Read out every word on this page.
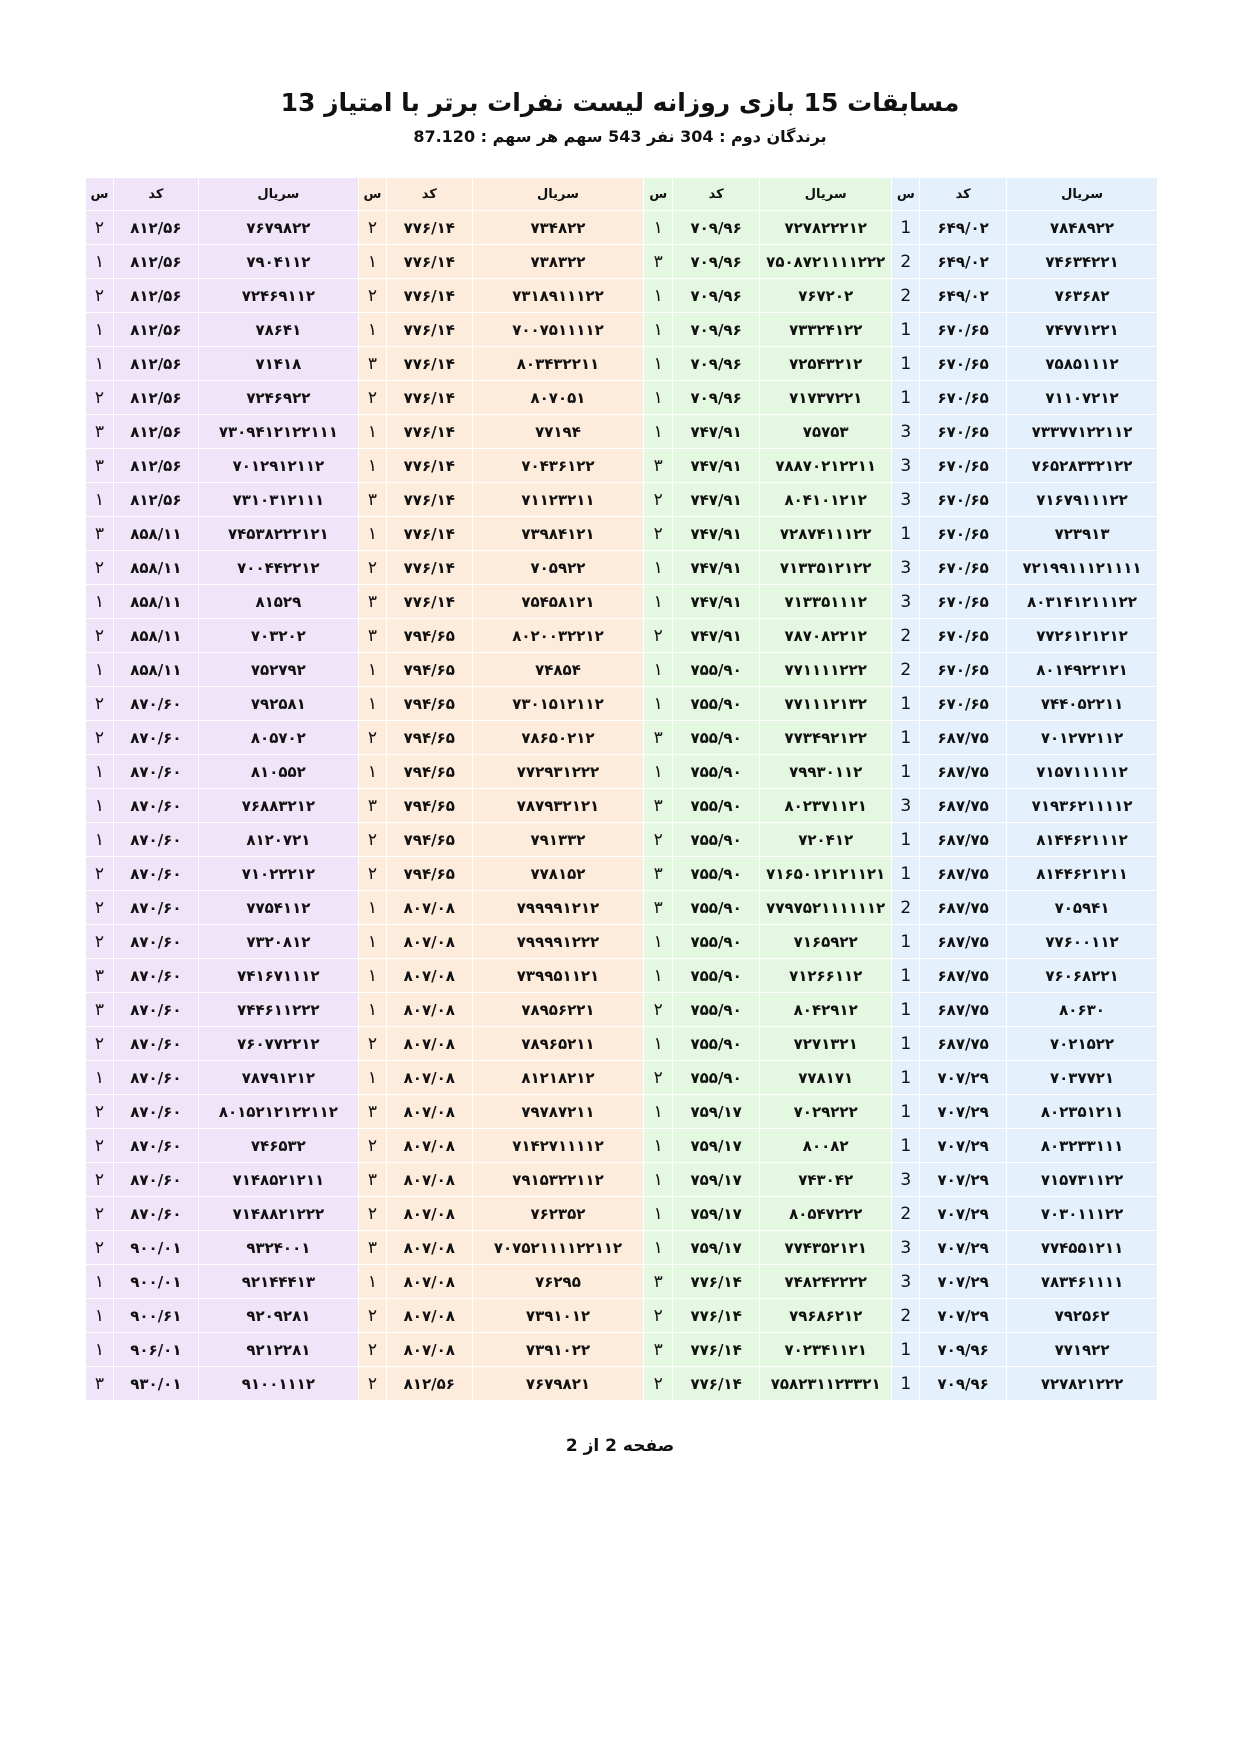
مسابقات 15 بازی روزانه لیست نفرات برتر با امتیاز 13
برندگان دوم : 304 نفر 543 سهم هر سهم : 87.120
سریال	کد	س	سریال	کد	س	سریال	کد	س	سریال	کد	س
۷۸۴۸۹۲۲	۶۴۹/۰۲	1	۷۲۷۸۲۲۲۱۲	۷۰۹/۹۶	۱	۷۳۴۸۲۲	۷۷۶/۱۴	۲	۷۶۷۹۸۲۲	۸۱۲/۵۶	۲
۷۴۶۳۴۲۲۱	۶۴۹/۰۲	2	۷۵۰۸۷۲۱۱۱۱۲۲۲	۷۰۹/۹۶	۳	۷۳۸۳۲۲	۷۷۶/۱۴	۱	۷۹۰۴۱۱۲	۸۱۲/۵۶	۱
۷۶۳۶۸۲	۶۴۹/۰۲	2	۷۶۷۲۰۲	۷۰۹/۹۶	۱	۷۳۱۸۹۱۱۱۲۲	۷۷۶/۱۴	۲	۷۲۴۶۹۱۱۲	۸۱۲/۵۶	۲
۷۴۷۷۱۲۲۱	۶۷۰/۶۵	1	۷۳۳۲۴۱۲۲	۷۰۹/۹۶	۱	۷۰۰۷۵۱۱۱۱۲	۷۷۶/۱۴	۱	۷۸۶۴۱	۸۱۲/۵۶	۱
۷۵۸۵۱۱۱۲	۶۷۰/۶۵	1	۷۲۵۴۳۲۱۲	۷۰۹/۹۶	۱	۸۰۳۴۳۲۲۱۱	۷۷۶/۱۴	۳	۷۱۴۱۸	۸۱۲/۵۶	۱
۷۱۱۰۷۲۱۲	۶۷۰/۶۵	1	۷۱۷۳۷۲۲۱	۷۰۹/۹۶	۱	۸۰۷۰۵۱	۷۷۶/۱۴	۲	۷۲۴۶۹۲۲	۸۱۲/۵۶	۲
۷۳۳۷۷۱۲۲۱۱۲	۶۷۰/۶۵	3	۷۵۷۵۳	۷۴۷/۹۱	۱	۷۷۱۹۴	۷۷۶/۱۴	۱	۷۳۰۹۴۱۲۱۲۲۱۱۱	۸۱۲/۵۶	۳
۷۶۵۲۸۳۳۲۱۲۲	۶۷۰/۶۵	3	۷۸۸۷۰۲۱۲۲۱۱	۷۴۷/۹۱	۳	۷۰۴۳۶۱۲۲	۷۷۶/۱۴	۱	۷۰۱۲۹۱۲۱۱۲	۸۱۲/۵۶	۳
۷۱۶۷۹۱۱۱۲۲	۶۷۰/۶۵	3	۸۰۴۱۰۱۲۱۲	۷۴۷/۹۱	۲	۷۱۱۲۳۲۱۱	۷۷۶/۱۴	۳	۷۳۱۰۳۱۲۱۱۱	۸۱۲/۵۶	۱
۷۲۳۹۱۳	۶۷۰/۶۵	1	۷۲۸۷۴۱۱۱۲۲	۷۴۷/۹۱	۲	۷۳۹۸۴۱۲۱	۷۷۶/۱۴	۱	۷۴۵۳۸۲۲۲۱۲۱	۸۵۸/۱۱	۳
۷۲۱۹۹۱۱۱۲۱۱۱۱	۶۷۰/۶۵	3	۷۱۳۳۵۱۲۱۲۲	۷۴۷/۹۱	۱	۷۰۵۹۲۲	۷۷۶/۱۴	۲	۷۰۰۴۴۲۲۱۲	۸۵۸/۱۱	۲
۸۰۳۱۴۱۲۱۱۱۲۲	۶۷۰/۶۵	3	۷۱۳۳۵۱۱۱۲	۷۴۷/۹۱	۱	۷۵۴۵۸۱۲۱	۷۷۶/۱۴	۳	۸۱۵۲۹	۸۵۸/۱۱	۱
۷۷۲۶۱۲۱۲۱۲	۶۷۰/۶۵	2	۷۸۷۰۸۲۲۱۲	۷۴۷/۹۱	۲	۸۰۲۰۰۳۲۲۱۲	۷۹۴/۶۵	۳	۷۰۳۲۰۲	۸۵۸/۱۱	۲
۸۰۱۴۹۲۲۱۲۱	۶۷۰/۶۵	2	۷۷۱۱۱۱۲۲۲	۷۵۵/۹۰	۱	۷۴۸۵۴	۷۹۴/۶۵	۱	۷۵۲۷۹۲	۸۵۸/۱۱	۱
۷۴۴۰۵۲۲۱۱	۶۷۰/۶۵	1	۷۷۱۱۱۲۱۳۲	۷۵۵/۹۰	۱	۷۳۰۱۵۱۲۱۱۲	۷۹۴/۶۵	۱	۷۹۲۵۸۱	۸۷۰/۶۰	۲
۷۰۱۲۷۲۱۱۲	۶۸۷/۷۵	1	۷۷۳۴۹۲۱۲۲	۷۵۵/۹۰	۳	۷۸۶۵۰۲۱۲	۷۹۴/۶۵	۲	۸۰۵۷۰۲	۸۷۰/۶۰	۲
۷۱۵۷۱۱۱۱۱۲	۶۸۷/۷۵	1	۷۹۹۳۰۱۱۲	۷۵۵/۹۰	۱	۷۷۲۹۳۱۲۲۲	۷۹۴/۶۵	۱	۸۱۰۵۵۲	۸۷۰/۶۰	۱
۷۱۹۳۶۲۱۱۱۱۲	۶۸۷/۷۵	3	۸۰۲۳۷۱۱۲۱	۷۵۵/۹۰	۳	۷۸۷۹۳۲۱۲۱	۷۹۴/۶۵	۳	۷۶۸۸۳۲۱۲	۸۷۰/۶۰	۱
۸۱۴۴۶۲۱۱۱۲	۶۸۷/۷۵	1	۷۲۰۴۱۲	۷۵۵/۹۰	۲	۷۹۱۳۳۲	۷۹۴/۶۵	۲	۸۱۲۰۷۲۱	۸۷۰/۶۰	۱
۸۱۴۴۶۲۱۲۱۱	۶۸۷/۷۵	1	۷۱۶۵۰۱۲۱۲۱۱۲۱	۷۵۵/۹۰	۳	۷۷۸۱۵۲	۷۹۴/۶۵	۲	۷۱۰۲۲۲۱۲	۸۷۰/۶۰	۲
۷۰۵۹۴۱	۶۸۷/۷۵	2	۷۷۹۷۵۲۱۱۱۱۱۱۲	۷۵۵/۹۰	۳	۷۹۹۹۹۱۲۱۲	۸۰۷/۰۸	۱	۷۷۵۴۱۱۲	۸۷۰/۶۰	۲
۷۷۶۰۰۱۱۲	۶۸۷/۷۵	1	۷۱۶۵۹۲۲	۷۵۵/۹۰	۱	۷۹۹۹۹۱۲۲۲	۸۰۷/۰۸	۱	۷۳۲۰۸۱۲	۸۷۰/۶۰	۲
۷۶۰۶۸۲۲۱	۶۸۷/۷۵	1	۷۱۲۶۶۱۱۲	۷۵۵/۹۰	۱	۷۳۹۹۵۱۱۲۱	۸۰۷/۰۸	۱	۷۴۱۶۷۱۱۱۲	۸۷۰/۶۰	۳
۸۰۶۳۰	۶۸۷/۷۵	1	۸۰۴۲۹۱۲	۷۵۵/۹۰	۲	۷۸۹۵۶۲۲۱	۸۰۷/۰۸	۱	۷۴۴۶۱۱۲۲۲	۸۷۰/۶۰	۳
۷۰۲۱۵۲۲	۶۸۷/۷۵	1	۷۲۷۱۳۲۱	۷۵۵/۹۰	۱	۷۸۹۶۵۲۱۱	۸۰۷/۰۸	۲	۷۶۰۷۷۲۲۱۲	۸۷۰/۶۰	۲
۷۰۳۷۷۲۱	۷۰۷/۲۹	1	۷۷۸۱۷۱	۷۵۵/۹۰	۲	۸۱۲۱۸۲۱۲	۸۰۷/۰۸	۱	۷۸۷۹۱۲۱۲	۸۷۰/۶۰	۱
۸۰۲۳۵۱۲۱۱	۷۰۷/۲۹	1	۷۰۲۹۲۲۲	۷۵۹/۱۷	۱	۷۹۷۸۷۲۱۱	۸۰۷/۰۸	۳	۸۰۱۵۲۱۲۱۲۲۱۱۲	۸۷۰/۶۰	۲
۸۰۳۲۳۳۱۱۱	۷۰۷/۲۹	1	۸۰۰۸۲	۷۵۹/۱۷	۱	۷۱۴۲۷۱۱۱۱۲	۸۰۷/۰۸	۲	۷۴۶۵۳۲	۸۷۰/۶۰	۲
۷۱۵۷۳۱۱۲۲	۷۰۷/۲۹	3	۷۴۳۰۴۲	۷۵۹/۱۷	۱	۷۹۱۵۳۲۲۱۱۲	۸۰۷/۰۸	۳	۷۱۴۸۵۲۱۲۱۱	۸۷۰/۶۰	۲
۷۰۳۰۱۱۱۲۲	۷۰۷/۲۹	2	۸۰۵۴۷۲۲۲	۷۵۹/۱۷	۱	۷۶۲۳۵۲	۸۰۷/۰۸	۲	۷۱۴۸۸۲۱۲۲۲	۸۷۰/۶۰	۲
۷۷۴۵۵۱۲۱۱	۷۰۷/۲۹	3	۷۷۴۳۵۲۱۲۱	۷۵۹/۱۷	۱	۷۰۷۵۲۱۱۱۱۲۲۱۱۲	۸۰۷/۰۸	۳	۹۳۲۴۰۰۱	۹۰۰/۰۱	۲
۷۸۳۴۶۱۱۱۱	۷۰۷/۲۹	3	۷۴۸۲۴۲۲۲۲	۷۷۶/۱۴	۳	۷۶۲۹۵	۸۰۷/۰۸	۱	۹۲۱۴۴۴۱۳	۹۰۰/۰۱	۱
۷۹۲۵۶۲	۷۰۷/۲۹	2	۷۹۶۸۶۲۱۲	۷۷۶/۱۴	۲	۷۳۹۱۰۱۲	۸۰۷/۰۸	۲	۹۲۰۹۲۸۱	۹۰۰/۶۱	۱
۷۷۱۹۲۲	۷۰۹/۹۶	1	۷۰۲۳۴۱۱۲۱	۷۷۶/۱۴	۳	۷۳۹۱۰۲۲	۸۰۷/۰۸	۲	۹۲۱۲۲۸۱	۹۰۶/۰۱	۱
۷۲۷۸۲۱۲۲۲	۷۰۹/۹۶	1	۷۵۸۲۳۱۱۲۳۳۲۱	۷۷۶/۱۴	۲	۷۶۷۹۸۲۱	۸۱۲/۵۶	۲	۹۱۰۰۱۱۱۲	۹۳۰/۰۱	۳
صفحه 2 از 2
